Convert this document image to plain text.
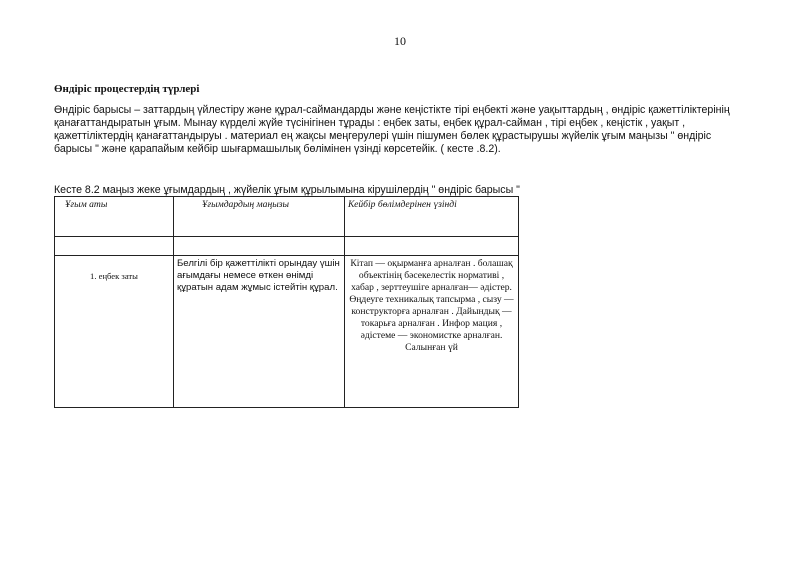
10
Өндіріс процестердің түрлері
Өндіріс барысы – заттардың үйлестіру және құрал-саймандарды және кеңістікте тірі еңбекті және уақыттардың , өндіріс қажеттіліктерінің қанағаттандыратын ұғым. Мынау күрделі жүйе түсінігінен тұрады : еңбек заты, еңбек құрал-сайман , тірі еңбек , кеңістік , уақыт , қажеттіліктердің қанағаттандыруы . материал ең жақсы меңгерулері үшін пішумен бөлек құрастырушы жүйелік ұғым маңызы " өндіріс барысы " және қарапайым кейбір шығармашылық бөлімінен үзінді көрсетейік. ( кесте .8.2).
Кесте 8.2 маңыз жеке ұғымдардың , жүйелік ұғым құрылымына кірушілердің " өндіріс барысы "
Ұғым аты	Ұғымдардың маңызы	Кейбір бөлімдерінен үзінді

1. еңбек заты	Белгілі бір қажеттілікті орындау үшін ағымдағы немесе өткен өнімді құратын адам жұмыс істейтін құрал.	Кітап — оқырманға арналған . болашақ объектінің бәсекелестік нормативі , хабар , зерттеушіге арналған— әдістер. Өңдеуге техникалық тапсырма , сызу — конструкторға арналған . Дайындық — токарьға арналған . Инфор мация , әдістеме — экономистке арналған. Салынған үй
